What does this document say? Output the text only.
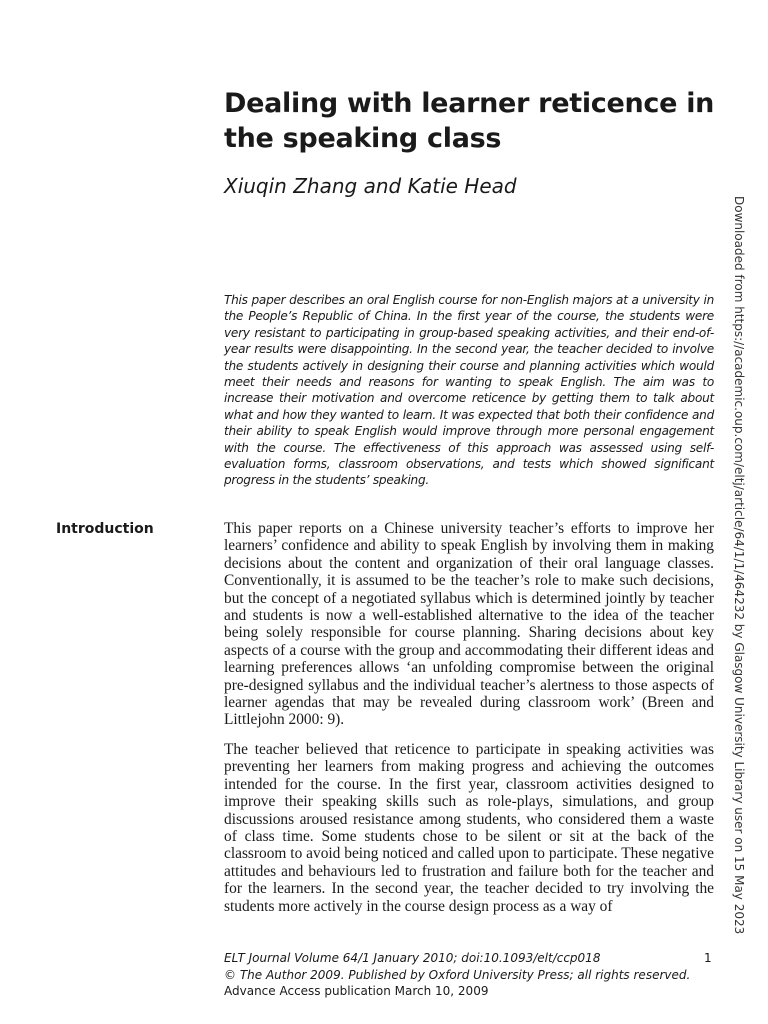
Dealing with learner reticence in the speaking class

Xiuqin Zhang and Katie Head

This paper describes an oral English course for non-English majors at a university in the People’s Republic of China. In the first year of the course, the students were very resistant to participating in group-based speaking activities, and their end-of-year results were disappointing. In the second year, the teacher decided to involve the students actively in designing their course and planning activities which would meet their needs and reasons for wanting to speak English. The aim was to increase their motivation and overcome reticence by getting them to talk about what and how they wanted to learn. It was expected that both their confidence and their ability to speak English would improve through more personal engagement with the course. The effectiveness of this approach was assessed using self-evaluation forms, classroom observations, and tests which showed significant progress in the students’ speaking.

Introduction	This paper reports on a Chinese university teacher’s efforts to improve her learners’ confidence and ability to speak English by involving them in making decisions about the content and organization of their oral language classes. Conventionally, it is assumed to be the teacher’s role to make such decisions, but the concept of a negotiated syllabus which is determined jointly by teacher and students is now a well-established alternative to the idea of the teacher being solely responsible for course planning. Sharing decisions about key aspects of a course with the group and accommodating their different ideas and learning preferences allows ‘an unfolding compromise between the original pre-designed syllabus and the individual teacher’s alertness to those aspects of learner agendas that may be revealed during classroom work’ (Breen and Littlejohn 2000: 9).

The teacher believed that reticence to participate in speaking activities was preventing her learners from making progress and achieving the outcomes intended for the course. In the first year, classroom activities designed to improve their speaking skills such as role-plays, simulations, and group discussions aroused resistance among students, who considered them a waste of class time. Some students chose to be silent or sit at the back of the classroom to avoid being noticed and called upon to participate. These negative attitudes and behaviours led to frustration and failure both for the teacher and for the learners. In the second year, the teacher decided to try involving the students more actively in the course design process as a way of

ELT Journal Volume 64/1 January 2010; doi:10.1093/elt/ccp018
© The Author 2009. Published by Oxford University Press; all rights reserved.
Advance Access publication March 10, 2009
1
Downloaded from https://academic.oup.com/eltj/article/64/1/1/464232 by Glasgow University Library user on 15 May 2023
